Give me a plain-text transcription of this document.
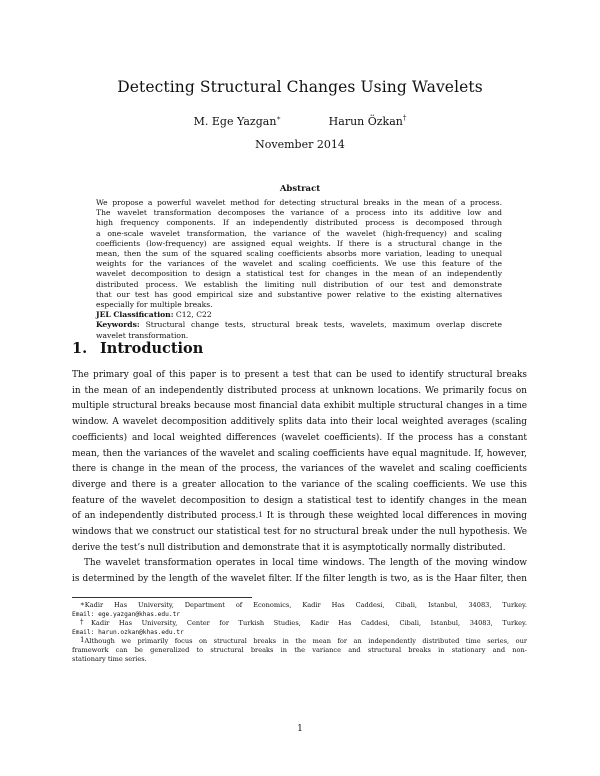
Detecting Structural Changes Using Wavelets
M. Ege Yazgan∗	Harun Özkan†
November 2014
Abstract
We propose a powerful wavelet method for detecting structural breaks in the mean of a process.
The wavelet transformation decomposes the variance of a process into its additive low and
high frequency components. If an independently distributed process is decomposed through
a one-scale wavelet transformation, the variance of the wavelet (high-frequency) and scaling
coefficients (low-frequency) are assigned equal weights. If there is a structural change in the
mean, then the sum of the squared scaling coefficients absorbs more variation, leading to unequal
weights for the variances of the wavelet and scaling coefficients. We use this feature of the
wavelet decomposition to design a statistical test for changes in the mean of an independently
distributed process. We establish the limiting null distribution of our test and demonstrate
that our test has good empirical size and substantive power relative to the existing alternatives
especially for multiple breaks.
JEL Classification: C12, C22
Keywords: Structural change tests, structural break tests, wavelets, maximum overlap discrete
wavelet transformation.
1. Introduction
The primary goal of this paper is to present a test that can be used to identify structural breaks
in the mean of an independently distributed process at unknown locations. We primarily focus on
multiple structural breaks because most financial data exhibit multiple structural changes in a time
window. A wavelet decomposition additively splits data into their local weighted averages (scaling
coefficients) and local weighted differences (wavelet coefficients). If the process has a constant
mean, then the variances of the wavelet and scaling coefficients have equal magnitude. If, however,
there is change in the mean of the process, the variances of the wavelet and scaling coefficients
diverge and there is a greater allocation to the variance of the scaling coefficients. We use this
feature of the wavelet decomposition to design a statistical test to identify changes in the mean
of an independently distributed process.$^1$ It is through these weighted local differences in moving
windows that we construct our statistical test for no structural break under the null hypothesis. We
derive the test’s null distribution and demonstrate that it is asymptotically normally distributed.
The wavelet transformation operates in local time windows. The length of the moving window
is determined by the length of the wavelet filter. If the filter length is two, as is the Haar filter, then
∗Kadir Has University, Department of Economics, Kadir Has Caddesi, Cibali, Istanbul, 34083, Turkey.
Email: ege.yazgan@khas.edu.tr
†Kadir Has University, Center for Turkish Studies, Kadir Has Caddesi, Cibali, Istanbul, 34083, Turkey.
Email: harun.ozkan@khas.edu.tr
$^1$Although we primarily focus on structural breaks in the mean for an independently distributed time series, our
framework can be generalized to structural breaks in the variance and structural breaks in stationary and non-
stationary time series.
1
